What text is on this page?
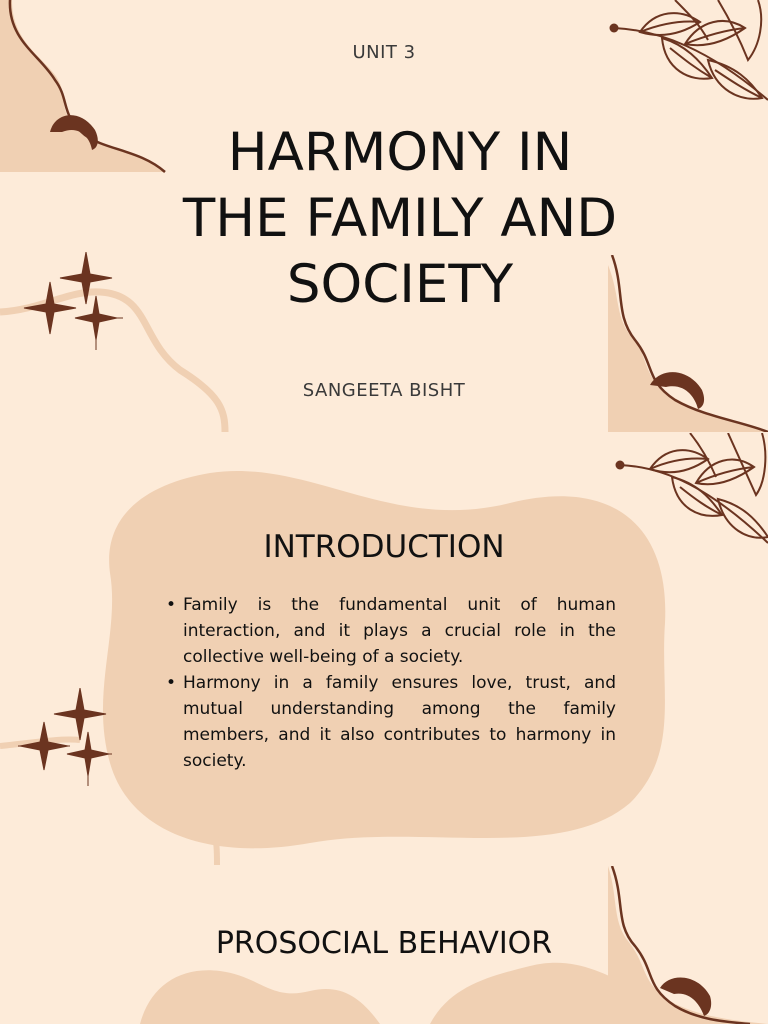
UNIT 3
HARMONY IN THE FAMILY AND SOCIETY
SANGEETA BISHT
INTRODUCTION
• Family is the fundamental unit of human interaction, and it plays a crucial role in the collective well-being of a society.
• Harmony in a family ensures love, trust, and mutual understanding among the family members, and it also contributes to harmony in society.
PROSOCIAL BEHAVIOR
